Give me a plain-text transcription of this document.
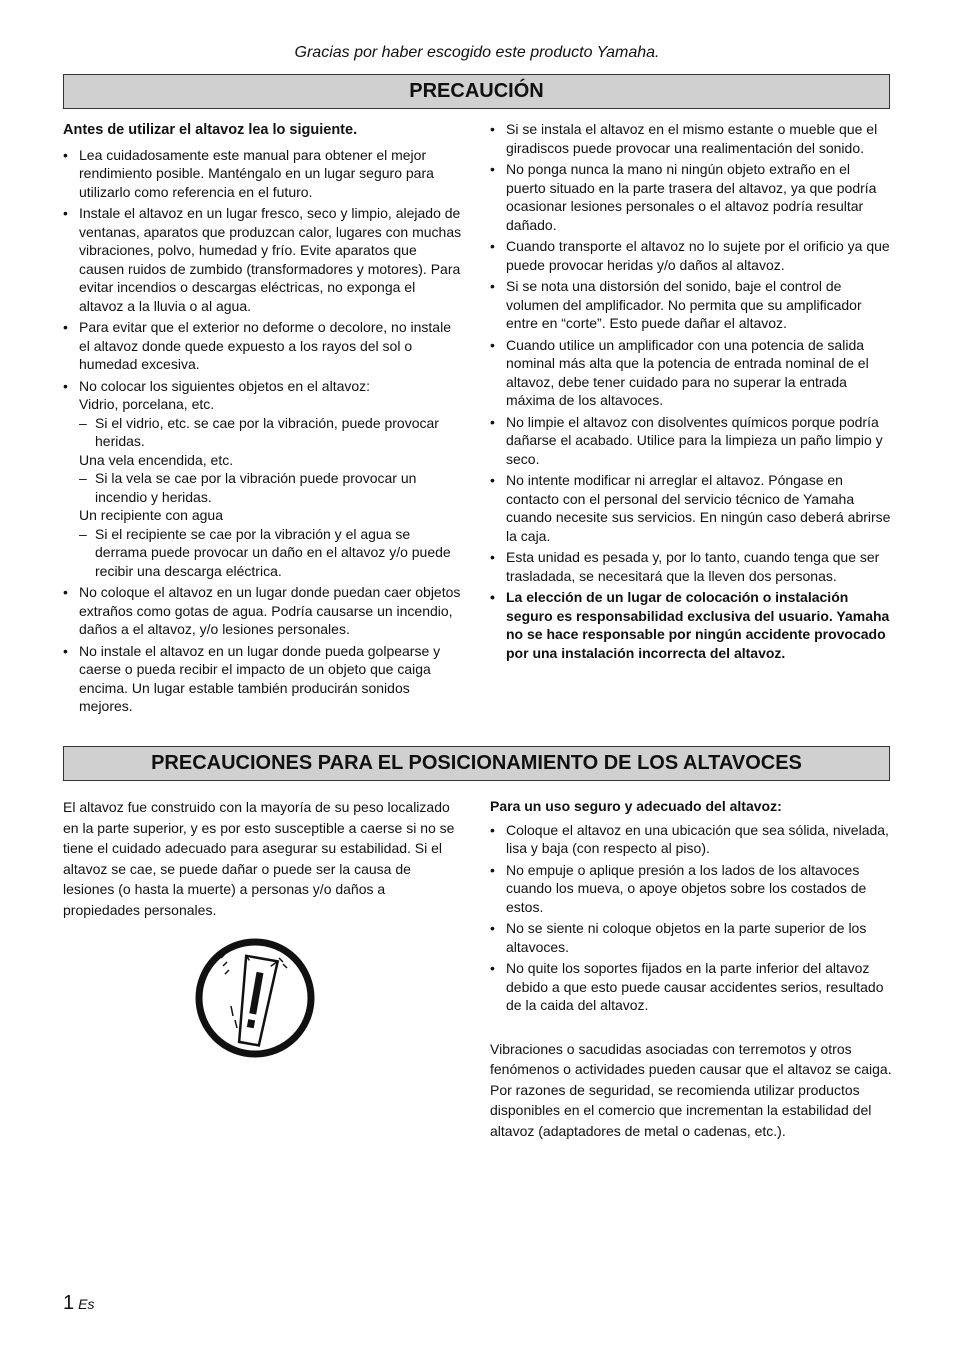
Gracias por haber escogido este producto Yamaha.
PRECAUCIÓN

Antes de utilizar el altavoz lea lo siguiente.

• Lea cuidadosamente este manual para obtener el mejor rendimiento posible. Manténgalo en un lugar seguro para utilizarlo como referencia en el futuro.
• Instale el altavoz en un lugar fresco, seco y limpio, alejado de ventanas, aparatos que produzcan calor, lugares con muchas vibraciones, polvo, humedad y frío. Evite aparatos que causen ruidos de zumbido (transformadores y motores). Para evitar incendios o descargas eléctricas, no exponga el altavoz a la lluvia o al agua.
• Para evitar que el exterior no deforme o decolore, no instale el altavoz donde quede expuesto a los rayos del sol o humedad excesiva.
• No colocar los siguientes objetos en el altavoz:
Vidrio, porcelana, etc.
– Si el vidrio, etc. se cae por la vibración, puede provocar heridas.
Una vela encendida, etc.
– Si la vela se cae por la vibración puede provocar un incendio y heridas.
Un recipiente con agua
– Si el recipiente se cae por la vibración y el agua se derrama puede provocar un daño en el altavoz y/o puede recibir una descarga eléctrica.
• No coloque el altavoz en un lugar donde puedan caer objetos extraños como gotas de agua. Podría causarse un incendio, daños a el altavoz, y/o lesiones personales.
• No instale el altavoz en un lugar donde pueda golpearse y caerse o pueda recibir el impacto de un objeto que caiga encima. Un lugar estable también producirán sonidos mejores.
• Si se instala el altavoz en el mismo estante o mueble que el giradiscos puede provocar una realimentación del sonido.
• No ponga nunca la mano ni ningún objeto extraño en el puerto situado en la parte trasera del altavoz, ya que podría ocasionar lesiones personales o el altavoz podría resultar dañado.
• Cuando transporte el altavoz no lo sujete por el orificio ya que puede provocar heridas y/o daños al altavoz.
• Si se nota una distorsión del sonido, baje el control de volumen del amplificador. No permita que su amplificador entre en “corte”. Esto puede dañar el altavoz.
• Cuando utilice un amplificador con una potencia de salida nominal más alta que la potencia de entrada nominal de el altavoz, debe tener cuidado para no superar la entrada máxima de los altavoces.
• No limpie el altavoz con disolventes químicos porque podría dañarse el acabado. Utilice para la limpieza un paño limpio y seco.
• No intente modificar ni arreglar el altavoz. Póngase en contacto con el personal del servicio técnico de Yamaha cuando necesite sus servicios. En ningún caso deberá abrirse la caja.
• Esta unidad es pesada y, por lo tanto, cuando tenga que ser trasladada, se necesitará que la lleven dos personas.
• La elección de un lugar de colocación o instalación seguro es responsabilidad exclusiva del usuario. Yamaha no se hace responsable por ningún accidente provocado por una instalación incorrecta del altavoz.
PRECAUCIONES PARA EL POSICIONAMIENTO DE LOS ALTAVOCES

El altavoz fue construido con la mayoría de su peso localizado en la parte superior, y es por esto susceptible a caerse si no se tiene el cuidado adecuado para asegurar su estabilidad. Si el altavoz se cae, se puede dañar o puede ser la causa de lesiones (o hasta la muerte) a personas y/o daños a propiedades personales.

Para un uso seguro y adecuado del altavoz:

• Coloque el altavoz en una ubicación que sea sólida, nivelada, lisa y baja (con respecto al piso).
• No empuje o aplique presión a los lados de los altavoces cuando los mueva, o apoye objetos sobre los costados de estos.
• No se siente ni coloque objetos en la parte superior de los altavoces.
• No quite los soportes fijados en la parte inferior del altavoz debido a que esto puede causar accidentes serios, resultado de la caida del altavoz.

Vibraciones o sacudidas asociadas con terremotos y otros fenómenos o actividades pueden causar que el altavoz se caiga.

Por razones de seguridad, se recomienda utilizar productos disponibles en el comercio que incrementan la estabilidad del altavoz (adaptadores de metal o cadenas, etc.).

1 Es
